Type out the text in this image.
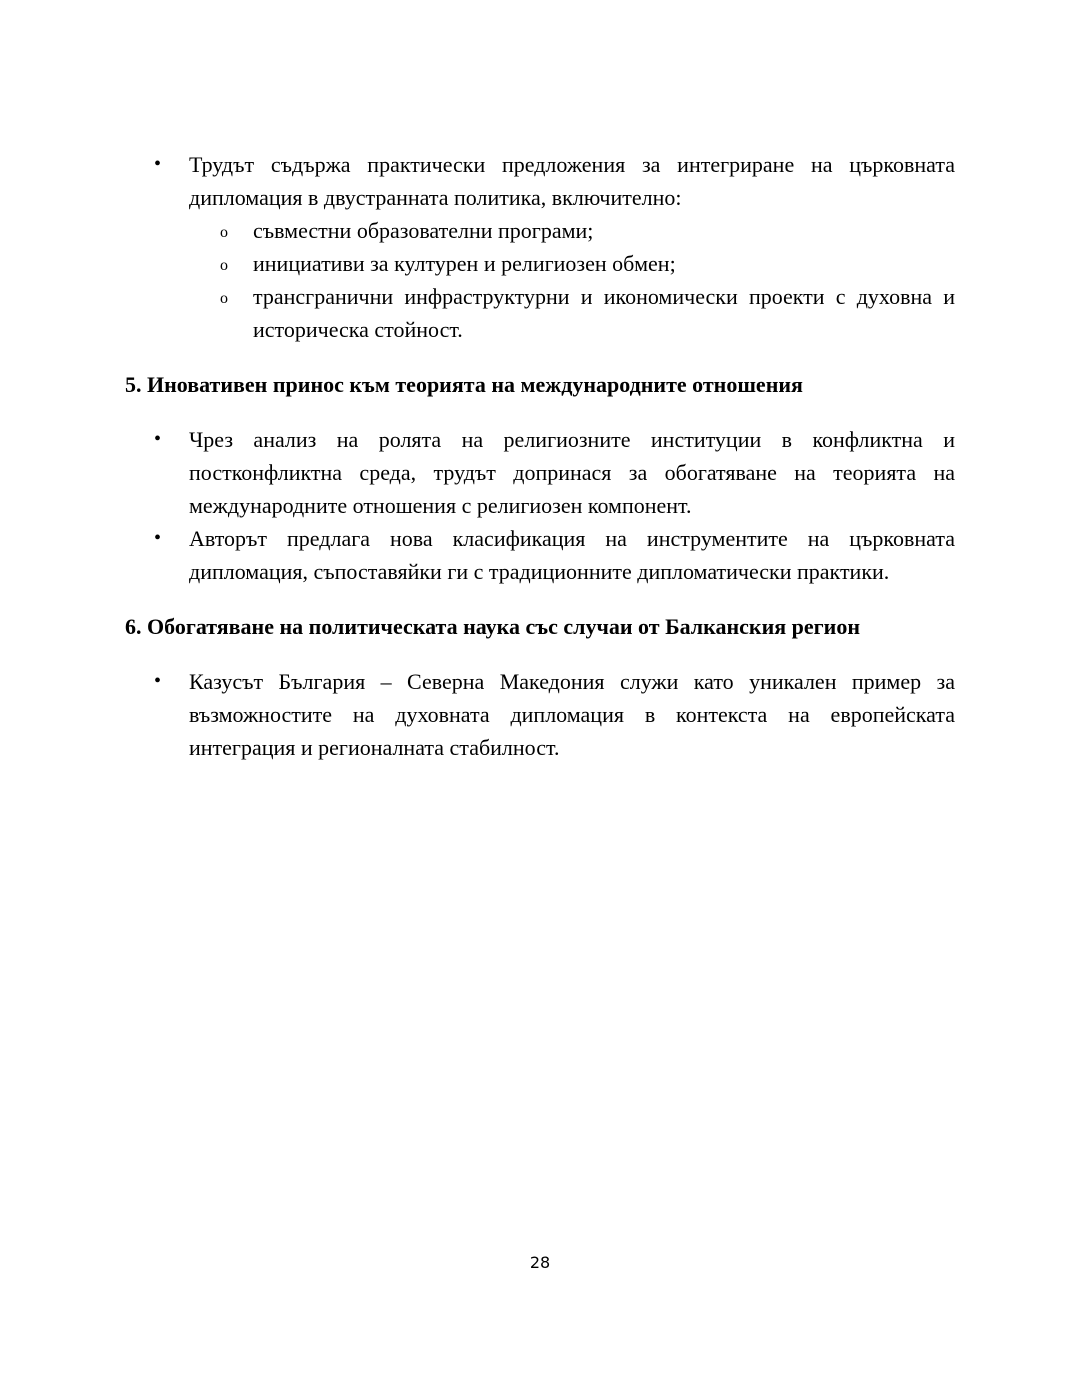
• Трудът съдържа практически предложения за интегриране на църковната дипломация в двустранната политика, включително:
o съвместни образователни програми;
o инициативи за културен и религиозен обмен;
o трансгранични инфраструктурни и икономически проекти с духовна и историческа стойност.
5. Иновативен принос към теорията на международните отношения
• Чрез анализ на ролята на религиозните институции в конфликтна и постконфликтна среда, трудът допринася за обогатяване на теорията на международните отношения с религиозен компонент.
• Авторът предлага нова класификация на инструментите на църковната дипломация, съпоставяйки ги с традиционните дипломатически практики.
6. Обогатяване на политическата наука със случаи от Балканския регион
• Казусът България – Северна Македония служи като уникален пример за възможностите на духовната дипломация в контекста на европейската интеграция и регионалната стабилност.
28
